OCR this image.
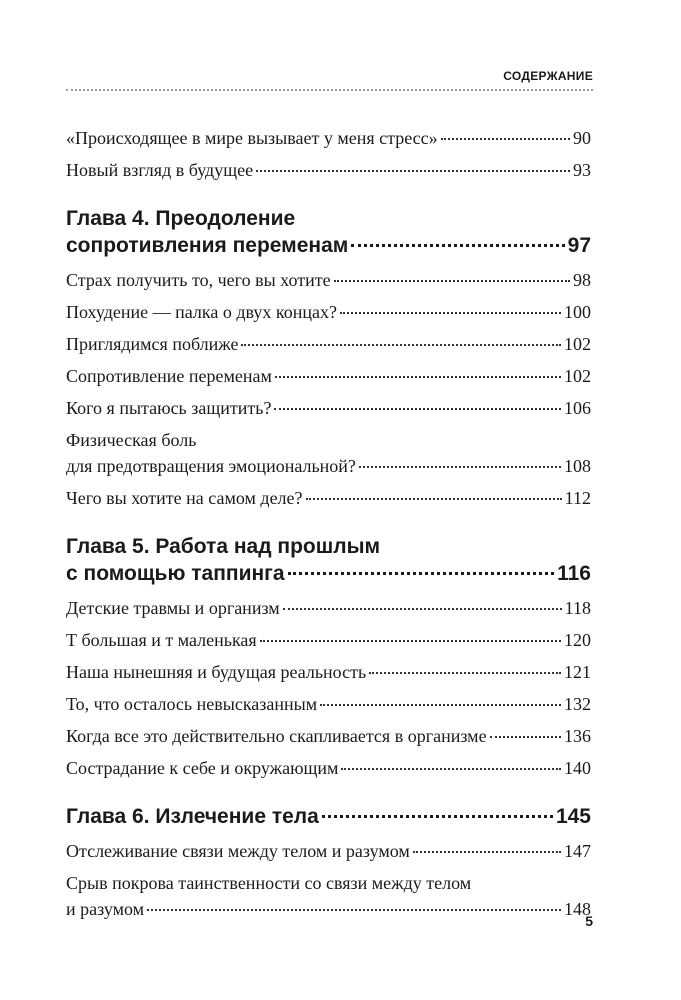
СОДЕРЖАНИЕ
«Происходящее в мире вызывает у меня стресс»	90
Новый взгляд в будущее	93
Глава 4. Преодоление
сопротивления переменам	97
Страх получить то, чего вы хотите	98
Похудение — палка о двух концах?	100
Приглядимся поближе	102
Сопротивление переменам	102
Кого я пытаюсь защитить?	106
Физическая боль
для предотвращения эмоциональной?	108
Чего вы хотите на самом деле?	112
Глава 5. Работа над прошлым
с помощью таппинга	116
Детские травмы и организм	118
Т большая и т маленькая	120
Наша нынешняя и будущая реальность	121
То, что осталось невысказанным	132
Когда все это действительно скапливается в организме	136
Сострадание к себе и окружающим	140
Глава 6. Излечение тела	145
Отслеживание связи между телом и разумом	147
Срыв покрова таинственности со связи между телом
и разумом	148
5
